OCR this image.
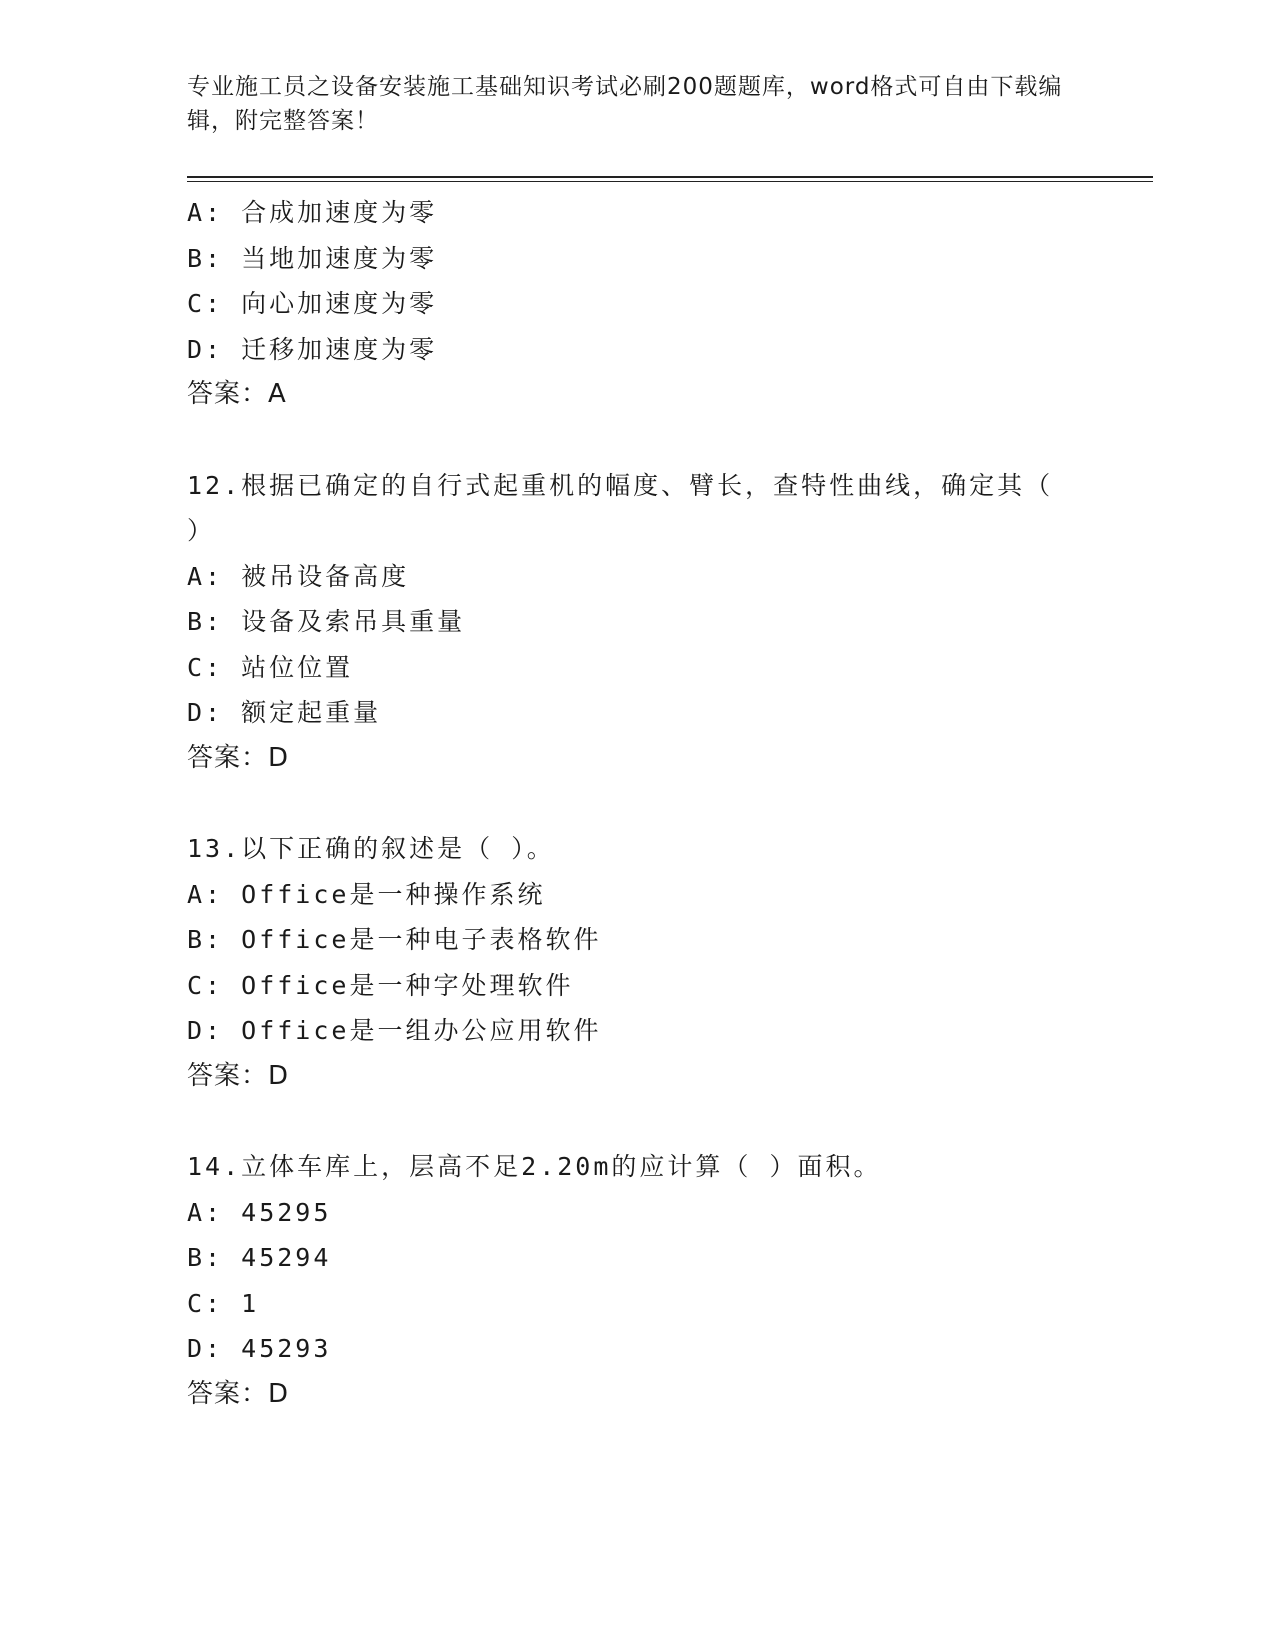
专业施工员之设备安装施工基础知识考试必刷200题题库，word格式可自由下载编辑，附完整答案！

A: 合成加速度为零
B: 当地加速度为零
C: 向心加速度为零
D: 迁移加速度为零
答案：A
12.根据已确定的自行式起重机的幅度、臂长，查特性曲线，确定其（ ）
A: 被吊设备高度
B: 设备及索吊具重量
C: 站位位置
D: 额定起重量
答案：D
13.以下正确的叙述是（ ）。
A: Office是一种操作系统
B: Office是一种电子表格软件
C: Office是一种字处理软件
D: Office是一组办公应用软件
答案：D
14.立体车库上，层高不足2.20m的应计算（ ）面积。
A: 45295
B: 45294
C: 1
D: 45293
答案：D
